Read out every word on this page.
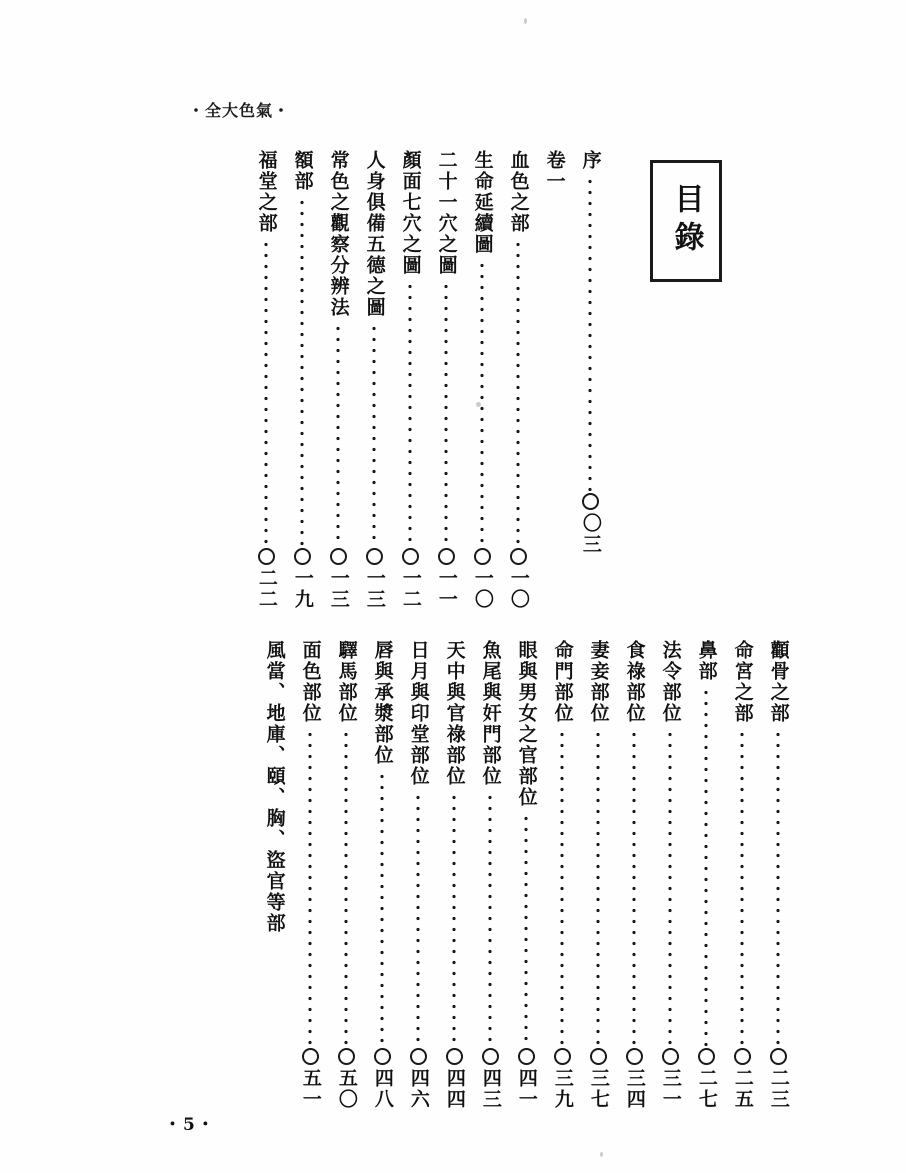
・全大色氣・
目錄
序
〇三
卷一
血色之部
一〇
生命延續圖
一〇
二十一穴之圖
一一
顏面七穴之圖
一二
人身俱備五德之圖
一三
常色之觀察分辨法
一三
額部
一九
福堂之部
二二
顴骨之部
二三
命宮之部
二五
鼻部
二七
法令部位
三一
食祿部位
三四
妻妾部位
三七
命門部位
三九
眼與男女之官部位
四一
魚尾與奸門部位
四三
天中與官祿部位
四四
日月與印堂部位
四六
唇與承漿部位
四八
驛馬部位
五〇
面色部位
五一
風當、地庫、頤、胸、盜官等部
・5・
